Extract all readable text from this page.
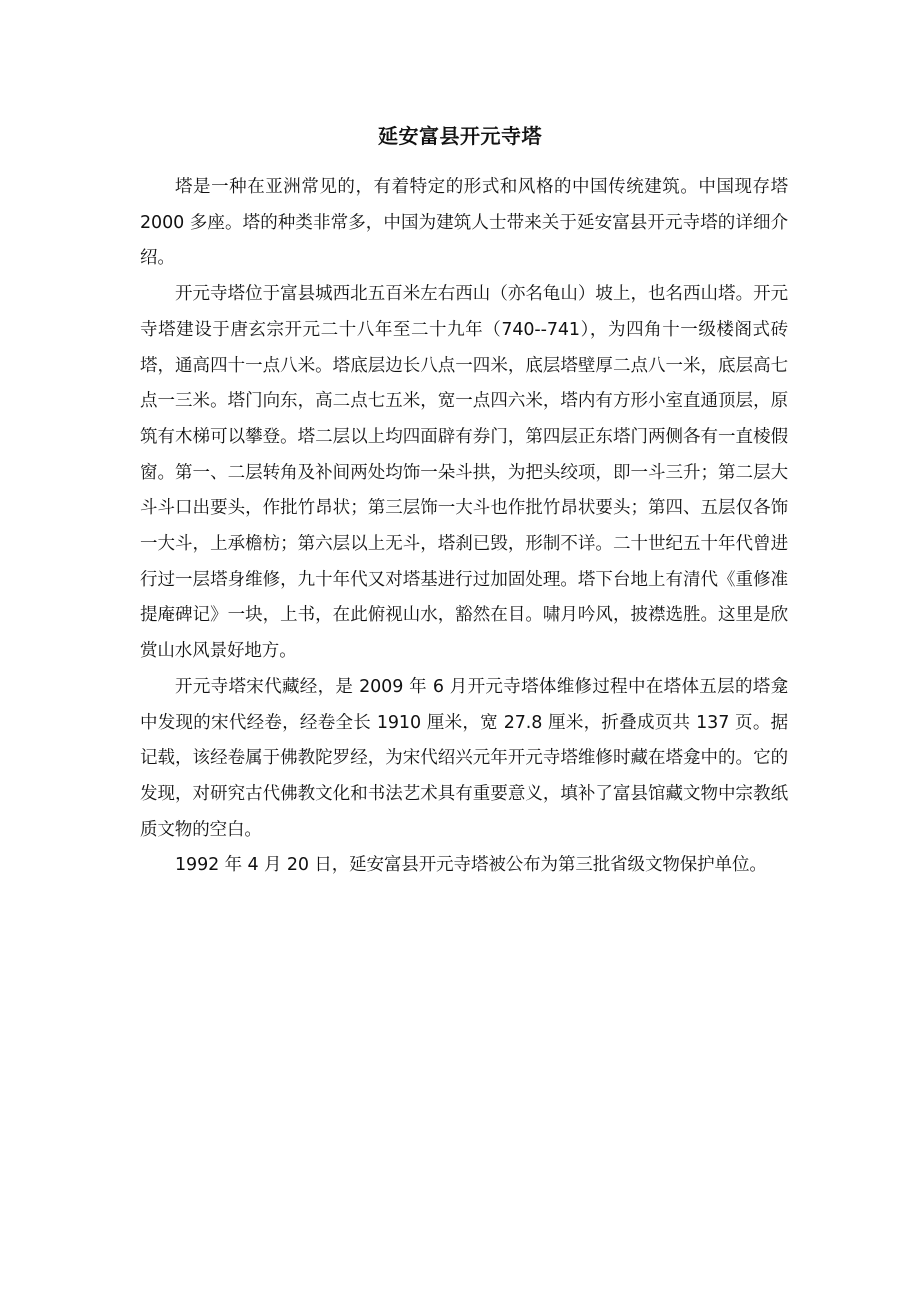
延安富县开元寺塔

塔是一种在亚洲常见的，有着特定的形式和风格的中国传统建筑。中国现存塔 2000 多座。塔的种类非常多，中国为建筑人士带来关于延安富县开元寺塔的详细介绍。

开元寺塔位于富县城西北五百米左右西山（亦名龟山）坡上，也名西山塔。开元寺塔建设于唐玄宗开元二十八年至二十九年（740--741），为四角十一级楼阁式砖塔，通高四十一点八米。塔底层边长八点一四米，底层塔壁厚二点八一米，底层高七点一三米。塔门向东，高二点七五米，宽一点四六米，塔内有方形小室直通顶层，原筑有木梯可以攀登。塔二层以上均四面辟有券门，第四层正东塔门两侧各有一直棱假窗。第一、二层转角及补间两处均饰一朵斗拱，为把头绞项，即一斗三升；第二层大斗斗口出要头，作批竹昂状；第三层饰一大斗也作批竹昂状要头；第四、五层仅各饰一大斗，上承檐枋；第六层以上无斗，塔刹已毁，形制不详。二十世纪五十年代曾进行过一层塔身维修，九十年代又对塔基进行过加固处理。塔下台地上有清代《重修准提庵碑记》一块，上书，在此俯视山水，豁然在目。啸月吟风，披襟选胜。这里是欣赏山水风景好地方。

开元寺塔宋代藏经，是 2009 年 6 月开元寺塔体维修过程中在塔体五层的塔龛中发现的宋代经卷，经卷全长 1910 厘米，宽 27.8 厘米，折叠成页共 137 页。据记载，该经卷属于佛教陀罗经，为宋代绍兴元年开元寺塔维修时藏在塔龛中的。它的发现，对研究古代佛教文化和书法艺术具有重要意义，填补了富县馆藏文物中宗教纸质文物的空白。

1992 年 4 月 20 日，延安富县开元寺塔被公布为第三批省级文物保护单位。
